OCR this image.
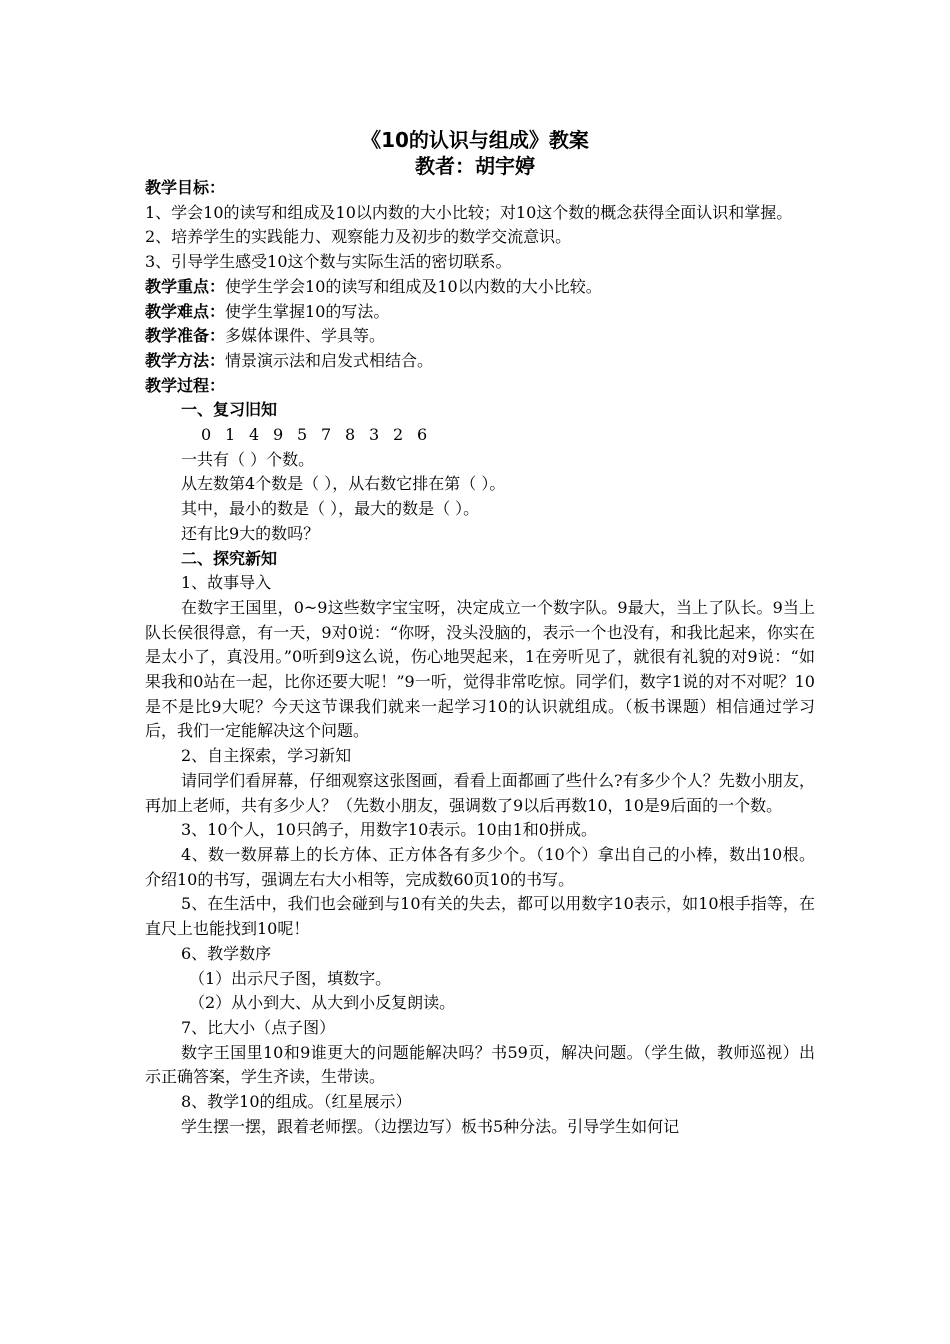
《10的认识与组成》教案
教者：胡宇婷

教学目标：

1、学会10的读写和组成及10以内数的大小比较；对10这个数的概念获得全面认识和掌握。

2、培养学生的实践能力、观察能力及初步的数学交流意识。

3、引导学生感受10这个数与实际生活的密切联系。

教学重点：使学生学会10的读写和组成及10以内数的大小比较。

教学难点：使学生掌握10的写法。

教学准备：多媒体课件、学具等。

教学方法：情景演示法和启发式相结合。

教学过程：

一、复习旧知

0 1 4 9 5 7 8 3 2 6

一共有（ ）个数。

从左数第4个数是（ ），从右数它排在第（ ）。

其中，最小的数是（ ），最大的数是（ ）。

还有比9大的数吗？

二、探究新知

1、故事导入

在数字王国里，0~9这些数字宝宝呀，决定成立一个数字队。9最大，当上了队长。9当上队长侯很得意，有一天，9对0说：“你呀，没头没脑的，表示一个也没有，和我比起来，你实在是太小了，真没用。”0听到9这么说，伤心地哭起来，1在旁听见了，就很有礼貌的对9说：“如果我和0站在一起，比你还要大呢！”9一听，觉得非常吃惊。同学们，数字1说的对不对呢？10是不是比9大呢？今天这节课我们就来一起学习10的认识就组成。（板书课题）相信通过学习后，我们一定能解决这个问题。

2、自主探索，学习新知

请同学们看屏幕，仔细观察这张图画，看看上面都画了些什么?有多少个人？先数小朋友，再加上老师，共有多少人？（先数小朋友，强调数了9以后再数10，10是9后面的一个数。

3、10个人，10只鸽子，用数字10表示。10由1和0拼成。

4、数一数屏幕上的长方体、正方体各有多少个。（10个）拿出自己的小棒，数出10根。介绍10的书写，强调左右大小相等，完成数60页10的书写。

5、在生活中，我们也会碰到与10有关的失去，都可以用数字10表示，如10根手指等，在直尺上也能找到10呢！

6、教学数序

（1）出示尺子图，填数字。

（2）从小到大、从大到小反复朗读。

7、比大小（点子图）

数字王国里10和9谁更大的问题能解决吗？书59页，解决问题。（学生做，教师巡视）出示正确答案，学生齐读，生带读。

8、教学10的组成。（红星展示）

学生摆一摆，跟着老师摆。（边摆边写）板书5种分法。引导学生如何记
